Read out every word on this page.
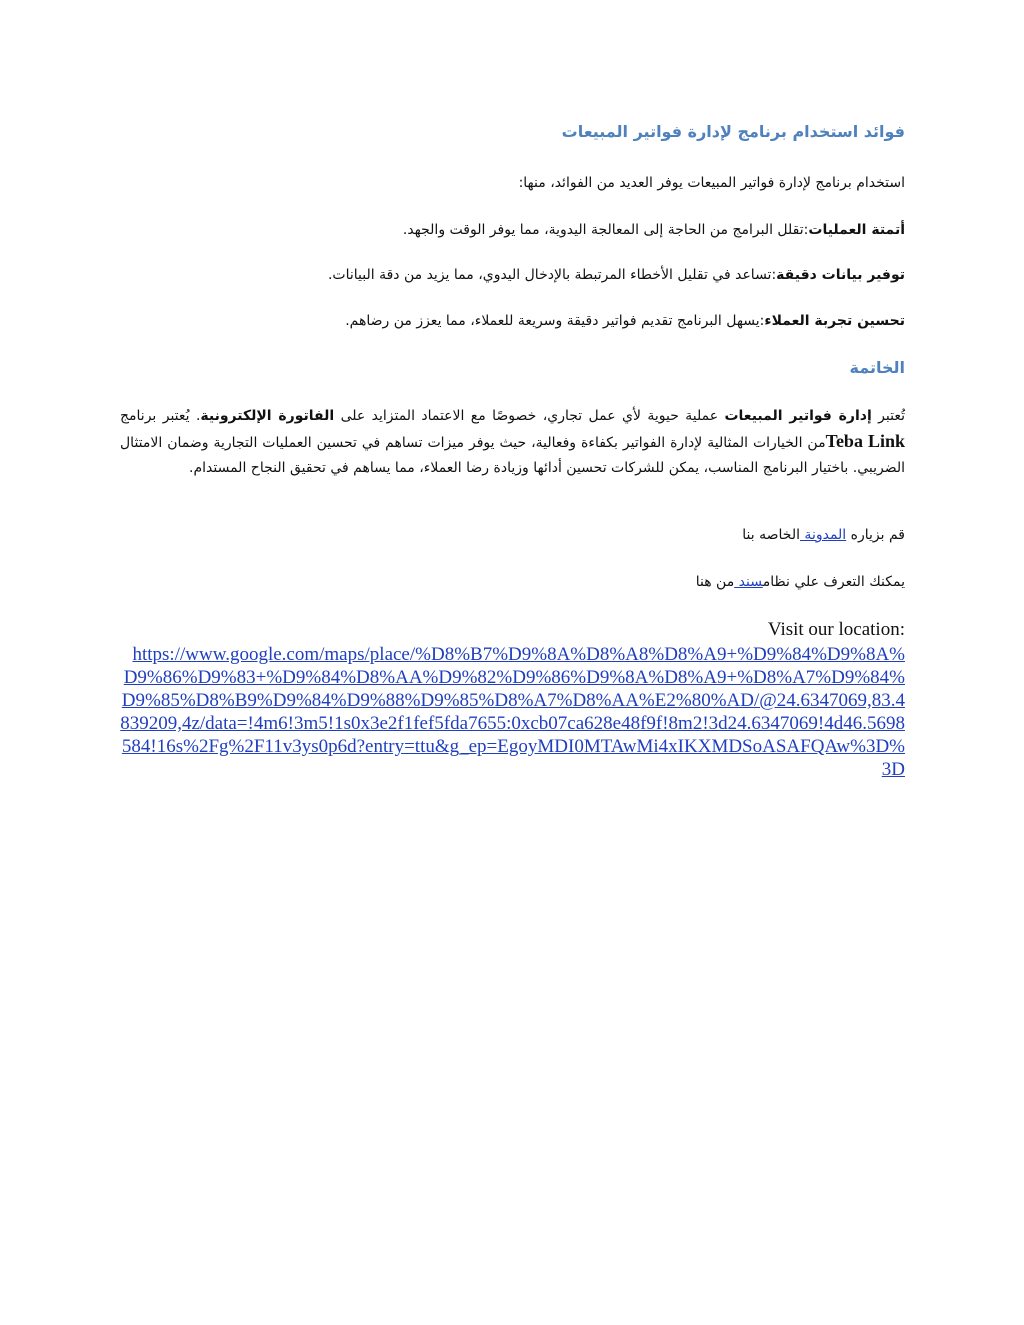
فوائد استخدام برنامج لإدارة فواتير المبيعات
استخدام برنامج لإدارة فواتير المبيعات يوفر العديد من الفوائد، منها:
أتمتة العمليات:تقلل البرامج من الحاجة إلى المعالجة اليدوية، مما يوفر الوقت والجهد.
توفير بيانات دقيقة:تساعد في تقليل الأخطاء المرتبطة بالإدخال اليدوي، مما يزيد من دقة البيانات.
تحسين تجربة العملاء:يسهل البرنامج تقديم فواتير دقيقة وسريعة للعملاء، مما يعزز من رضاهم.
الخاتمة
تُعتبر إدارة فواتير المبيعات عملية حيوية لأي عمل تجاري، خصوصًا مع الاعتماد المتزايد على الفاتورة الإلكترونية. يُعتبر برنامج Teba Linkمن الخيارات المثالية لإدارة الفواتير بكفاءة وفعالية، حيث يوفر ميزات تساهم في تحسين العمليات التجارية وضمان الامتثال الضريبي. باختيار البرنامج المناسب، يمكن للشركات تحسين أدائها وزيادة رضا العملاء، مما يساهم في تحقيق النجاح المستدام.
قم بزياره المدونة الخاصه بنا
يمكنك التعرف علي نظامسند من هنا
Visit our location:
https://www.google.com/maps/place/%D8%B7%D9%8A%D8%A8%D8%A9+%D9%84%D9%8A%D9%86%D9%83+%D9%84%D8%AA%D9%82%D9%86%D9%8A%D8%A9+%D8%A7%D9%84%D9%85%D8%B9%D9%84%D9%88%D9%85%D8%A7%D8%AA%E2%80%AD/@24.6347069,83.4839209,4z/data=!4m6!3m5!1s0x3e2f1fef5fda7655:0xcb07ca628e48f9f!8m2!3d24.6347069!4d46.5698584!16s%2Fg%2F11v3ys0p6d?entry=ttu&g_ep=EgoyMDI0MTAwMi4xIKXMDSoASAFQAw%3D%3D
